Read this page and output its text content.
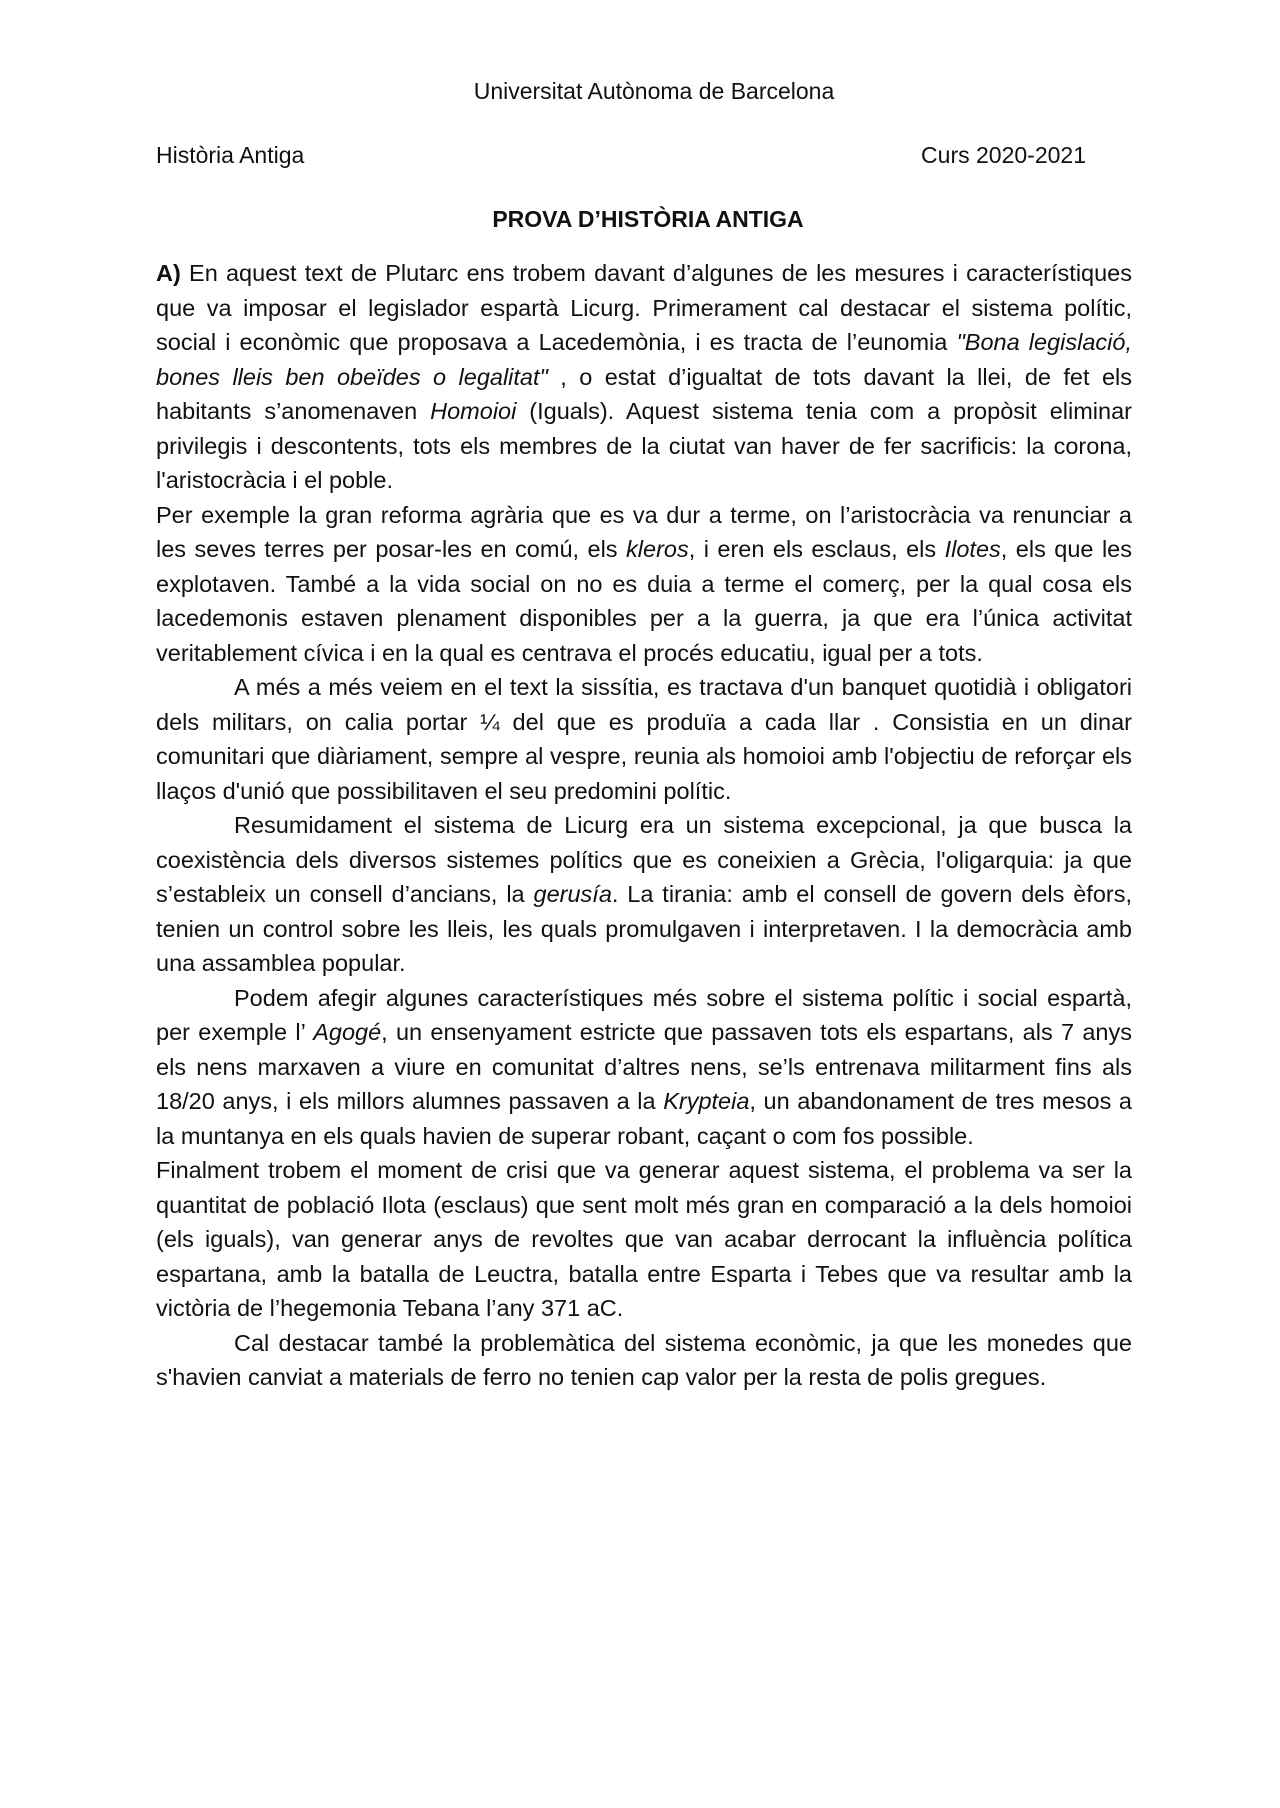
Universitat Autònoma de Barcelona
Història Antiga	Curs 2020-2021
PROVA D’HISTÒRIA ANTIGA

A) En aquest text de Plutarc ens trobem davant d’algunes de les mesures i característiques que va imposar el legislador espartà Licurg. Primerament cal destacar el sistema polític, social i econòmic que proposava a Lacedemònia, i es tracta de l’eunomia "Bona legislació, bones lleis ben obeïdes o legalitat" , o estat d’igualtat de tots davant la llei, de fet els habitants s’anomenaven Homoioi (Iguals). Aquest sistema tenia com a propòsit eliminar privilegis i descontents, tots els membres de la ciutat van haver de fer sacrificis: la corona, l'aristocràcia i el poble.

Per exemple la gran reforma agrària que es va dur a terme, on l’aristocràcia va renunciar a les seves terres per posar-les en comú, els kleros, i eren els esclaus, els Ilotes, els que les explotaven. També a la vida social on no es duia a terme el comerç, per la qual cosa els lacedemonis estaven plenament disponibles per a la guerra, ja que era l’única activitat veritablement cívica i en la qual es centrava el procés educatiu, igual per a tots.

A més a més veiem en el text la sissítia, es tractava d'un banquet quotidià i obligatori dels militars, on calia portar ¼ del que es produïa a cada llar . Consistia en un dinar comunitari que diàriament, sempre al vespre, reunia als homoioi amb l'objectiu de reforçar els llaços d'unió que possibilitaven el seu predomini polític.

Resumidament el sistema de Licurg era un sistema excepcional, ja que busca la coexistència dels diversos sistemes polítics que es coneixien a Grècia, l'oligarquia: ja que s’estableix un consell d’ancians, la gerusía. La tirania: amb el consell de govern dels èfors, tenien un control sobre les lleis, les quals promulgaven i interpretaven. I la democràcia amb una assamblea popular.

Podem afegir algunes característiques més sobre el sistema polític i social espartà, per exemple l’ Agogé, un ensenyament estricte que passaven tots els espartans, als 7 anys els nens marxaven a viure en comunitat d’altres nens, se’ls entrenava militarment fins als 18/20 anys, i els millors alumnes passaven a la Krypteia, un abandonament de tres mesos a la muntanya en els quals havien de superar robant, caçant o com fos possible.

Finalment trobem el moment de crisi que va generar aquest sistema, el problema va ser la quantitat de població Ilota (esclaus) que sent molt més gran en comparació a la dels homoioi (els iguals), van generar anys de revoltes que van acabar derrocant la influència política espartana, amb la batalla de Leuctra, batalla entre Esparta i Tebes que va resultar amb la victòria de l’hegemonia Tebana l’any 371 aC.

Cal destacar també la problemàtica del sistema econòmic, ja que les monedes que s'havien canviat a materials de ferro no tenien cap valor per la resta de polis gregues.
